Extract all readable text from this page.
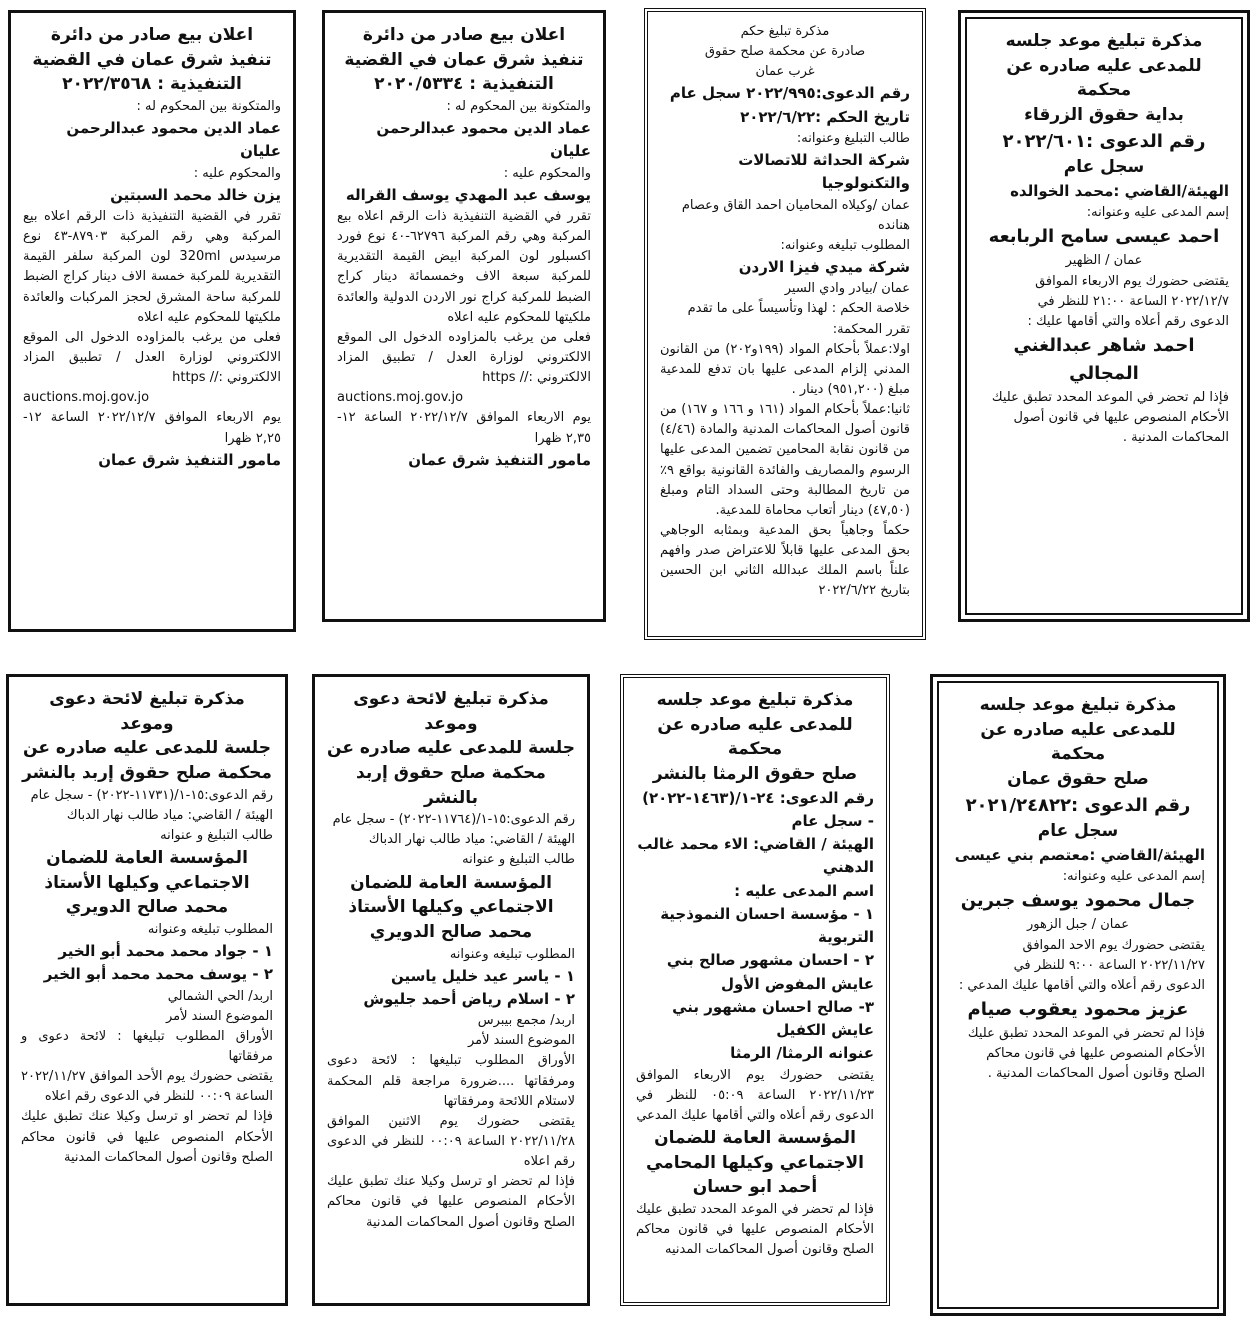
مذكرة تبليغ موعد جلسه
للمدعى عليه صادره عن محكمة
بداية حقوق الزرقاء
رقم الدعوى :٢٠٢٢/٦٠١
سجل عام
الهيئة/القاضي :محمد الخوالده
إسم المدعى عليه وعنوانه:
احمد عيسى سامح الربابعه
عمان / الظهير
يقتضى حضورك يوم الاربعاء الموافق
٢٠٢٢/١٢/٧ الساعة ٢١:٠٠ للنظر في
الدعوى رقم أعلاه والتي أقامها عليك :
احمد شاهر عبدالغني المجالي
فإذا لم تحضر في الموعد المحدد تطبق عليك
الأحكام المنصوص عليها في قانون أصول
المحاكمات المدنية .
مذكرة تبليغ حكم
صادرة عن محكمة صلح حقوق
غرب عمان
رقم الدعوى:٢٠٢٢/٩٩٥ سجل عام
تاريخ الحكم :٢٠٢٢/٦/٢٢
طالب التبليغ وعنوانه:
شركة الحداثة للاتصالات والتكنولوجيا
عمان /وكيلاه المحاميان احمد القاق وعصام هنانده
المطلوب تبليغه وعنوانه:
شركة ميدي فيزا الاردن
عمان /بيادر وادي السير
خلاصة الحكم : لهذا وتأسيساً على ما تقدم تقرر المحكمة:
اولا:عملاً بأحكام المواد (١٩٩و٢٠٢) من القانون المدني إلزام المدعى عليها بان تدفع للمدعية مبلغ (٩٥١,٢٠٠) دينار .
ثانيا:عملاً بأحكام المواد (١٦١ و ١٦٦ و ١٦٧) من قانون أصول المحاكمات المدنية والمادة (٤/٤٦) من قانون نقابة المحامين تضمين المدعى عليها الرسوم والمصاريف والفائدة القانونية بواقع ٩٪ من تاريخ المطالبة وحتى السداد التام ومبلغ (٤٧,٥٠) دينار أتعاب محاماة للمدعية.
حكماً وجاهياً بحق المدعية وبمثابه الوجاهي بحق المدعى عليها قابلاً للاعتراض صدر وافهم علناً باسم الملك عبدالله الثاني ابن الحسين بتاريخ ٢٠٢٢/٦/٢٢
اعلان بيع صادر من دائرة
تنفيذ شرق عمان في القضية
التنفيذية : ٢٠٢٠/٥٣٣٤
والمتكونة بين المحكوم له :
عماد الدين محمود عبدالرحمن عليان
والمحكوم عليه :
يوسف عبد المهدي يوسف القراله
تقرر في القضية التنفيذية ذات الرقم اعلاه بيع المركبة وهي رقم المركبة ٦٢٧٩٦-٤٠ نوع فورد اكسبلور لون المركبة ابيض القيمة التقديرية للمركبة سبعة الاف وخمسمائة دينار كراج الضبط للمركبة كراج نور الاردن الدولية والعائدة ملكيتها للمحكوم عليه اعلاه
فعلى من يرغب بالمزاوده الدخول الى الموقع الالكتروني لوزارة العدل / تطبيق المزاد الالكتروني :// https
auctions.moj.gov.jo
يوم الاربعاء الموافق ٢٠٢٢/١٢/٧ الساعة ١٢- ٢,٣٥ ظهرا
مامور التنفيذ شرق عمان
اعلان بيع صادر من دائرة
تنفيذ شرق عمان في القضية
التنفيذية : ٢٠٢٢/٣٥٦٨
والمتكونة بين المحكوم له :
عماد الدين محمود عبدالرحمن عليان
والمحكوم عليه :
يزن خالد محمد السبتين
تقرر في القضية التنفيذية ذات الرقم اعلاه بيع المركبة وهي رقم المركبة ٨٧٩٠٣-٤٣ نوع مرسيدس 320ml لون المركبة سلفر القيمة التقديرية للمركبة خمسة الاف دينار كراج الضبط للمركبة ساحة المشرق لحجز المركبات والعائدة ملكيتها للمحكوم عليه اعلاه
فعلى من يرغب بالمزاوده الدخول الى الموقع الالكتروني لوزارة العدل / تطبيق المزاد الالكتروني :// https
auctions.moj.gov.jo
يوم الاربعاء الموافق ٢٠٢٢/١٢/٧ الساعة ١٢- ٢,٢٥ ظهرا
مامور التنفيذ شرق عمان
مذكرة تبليغ موعد جلسه
للمدعى عليه صادره عن محكمة
صلح حقوق عمان
رقم الدعوى :٢٠٢١/٢٤٨٢٢
سجل عام
الهيئة/القاضي :معتصم بني عيسى
إسم المدعى عليه وعنوانه:
جمال محمود يوسف جبرين
عمان / جبل الزهور
يقتضى حضورك يوم الاحد الموافق
٢٠٢٢/١١/٢٧ الساعة ٩:٠٠ للنظر في
الدعوى رقم أعلاه والتي أقامها عليك المدعي :
عزيز محمود يعقوب صيام
فإذا لم تحضر في الموعد المحدد تطبق عليك
الأحكام المنصوص عليها في قانون محاكم
الصلح وقانون أصول المحاكمات المدنية .
مذكرة تبليغ موعد جلسه
للمدعى عليه صادره عن محكمة
صلح حقوق الرمثا بالنشر
رقم الدعوى: ٢٤-١/(١٤٦٣-٢٠٢٢) - سجل عام
الهيئة / القاضي: الاء محمد غالب الدهني
اسم المدعى عليه :
١ - مؤسسة احسان النموذجية التربوية
٢ - احسان مشهور صالح بني عايش المفوض الأول
٣- صالح احسان مشهور بني عايش الكفيل
عنوانه الرمثا/ الرمثا
يقتضى حضورك يوم الاربعاء الموافق ٢٠٢٢/١١/٢٣ الساعة ٠٥:٠٩ للنظر في الدعوى رقم أعلاه والتي أقامها عليك المدعي
المؤسسة العامة للضمان الاجتماعي وكيلها المحامي أحمد ابو حسان
فإذا لم تحضر في الموعد المحدد تطبق عليك الأحكام المنصوص عليها في قانون محاكم الصلح وقانون أصول المحاكمات المدنيه
مذكرة تبليغ لائحة دعوى وموعد
جلسة للمدعى عليه صادره عن
محكمة صلح حقوق إربد بالنشر
رقم الدعوى:١٥-١/(١١٧٦٤-٢٠٢٢) - سجل عام
الهيئة / القاضي: مياد طالب نهار الدباك
طالب التبليغ و عنوانه
المؤسسة العامة للضمان الاجتماعي وكيلها الأستاذ محمد صالح الدويري
المطلوب تبليغه وعنوانه
١ - ياسر عيد خليل ياسين
٢ - اسلام رياض أحمد جليوش
اربد/ مجمع بيبرس
الموضوع السند لأمر
الأوراق المطلوب تبليغها : لائحة دعوى ومرفقاتها ....ضرورة مراجعة قلم المحكمة لاستلام اللائحة ومرفقاتها
يقتضى حضورك يوم الاثنين الموافق ٢٠٢٢/١١/٢٨ الساعة ٠٠:٠٩ للنظر في الدعوى رقم اعلاه
فإذا لم تحضر او ترسل وكيلا عنك تطبق عليك الأحكام المنصوص عليها في قانون محاكم الصلح وقانون أصول المحاكمات المدنية
مذكرة تبليغ لائحة دعوى وموعد
جلسة للمدعى عليه صادره عن
محكمة صلح حقوق إربد بالنشر
رقم الدعوى:١٥-١/(١١٧٣١-٢٠٢٢) - سجل عام
الهيئة / القاضي: مياد طالب نهار الدباك
طالب التبليغ و عنوانه
المؤسسة العامة للضمان الاجتماعي وكيلها الأستاذ محمد صالح الدويري
المطلوب تبليغه وعنوانه
١ - جواد محمد محمد أبو الخير
٢ - يوسف محمد محمد أبو الخير
اربد/ الحي الشمالي
الموضوع السند لأمر
الأوراق المطلوب تبليغها : لائحة دعوى و مرفقاتها
يقتضى حضورك يوم الأحد الموافق ٢٠٢٢/١١/٢٧ الساعة ٠٠:٠٩ للنظر في الدعوى رقم اعلاه
فإذا لم تحضر او ترسل وكيلا عنك تطبق عليك الأحكام المنصوص عليها في قانون محاكم الصلح وقانون أصول المحاكمات المدنية
